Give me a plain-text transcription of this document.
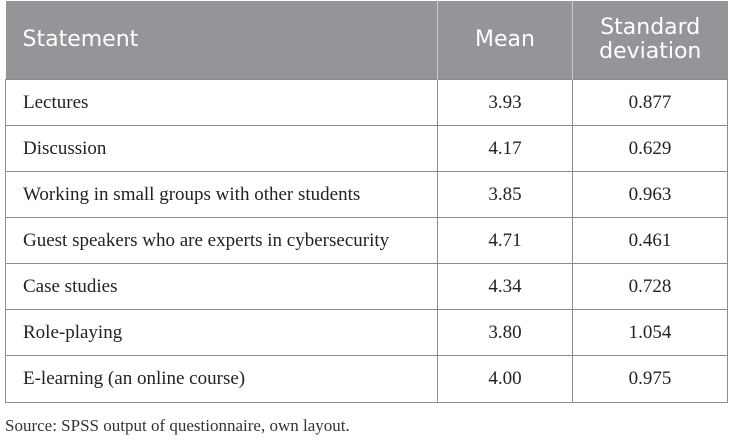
Statement	Mean	Standard
deviation
Lectures	3.93	0.877
Discussion	4.17	0.629
Working in small groups with other students	3.85	0.963
Guest speakers who are experts in cybersecurity	4.71	0.461
Case studies	4.34	0.728
Role-playing	3.80	1.054
E-learning (an online course)	4.00	0.975
Source: SPSS output of questionnaire, own layout.
